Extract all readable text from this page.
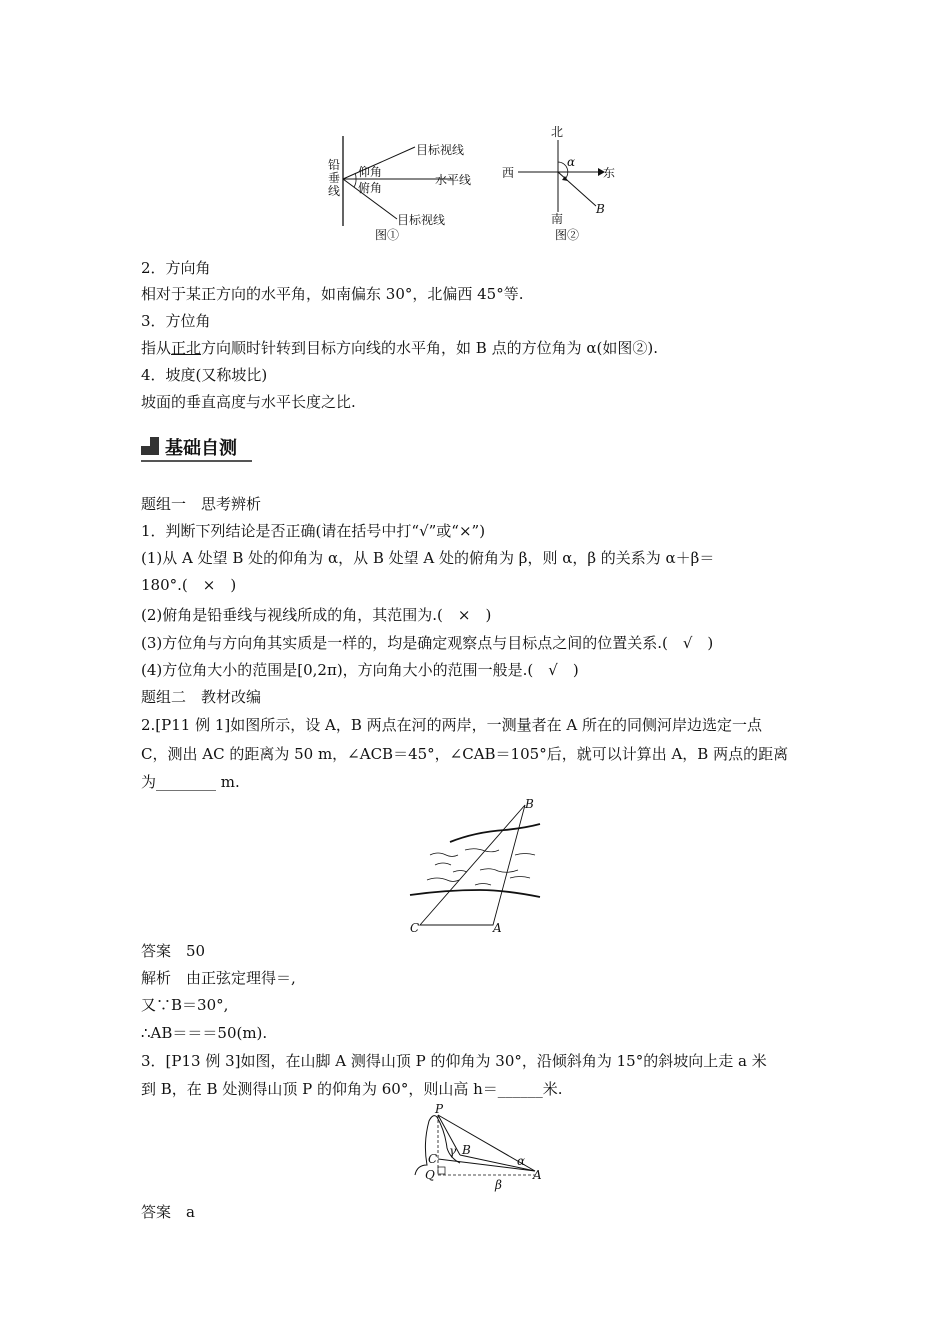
铅
垂
线
目标视线
仰角
水平线
俯角
目标视线
图①
北
西	东
南
α
B
图②
2．方向角
相对于某正方向的水平角，如南偏东 30°，北偏西 45°等.
3．方位角
指从正北方向顺时针转到目标方向线的水平角，如 B 点的方位角为 α(如图②).
4．坡度(又称坡比)
坡面的垂直高度与水平长度之比.
基础自测
题组一　思考辨析
1．判断下列结论是否正确(请在括号中打“√”或“×”)
(1)从 A 处望 B 处的仰角为 α，从 B 处望 A 处的俯角为 β，则 α，β 的关系为 α＋β＝
180°.(　×　)
(2)俯角是铅垂线与视线所成的角，其范围为.(　×　)
(3)方位角与方向角其实质是一样的，均是确定观察点与目标点之间的位置关系.(　√　)
(4)方位角大小的范围是[0,2π)，方向角大小的范围一般是.(　√　)
题组二　教材改编
2.[P11 例 1]如图所示，设 A，B 两点在河的两岸，一测量者在 A 所在的同侧河岸边选定一点
C，测出 AC 的距离为 50 m，∠ACB＝45°，∠CAB＝105°后，就可以计算出 A，B 两点的距离
为________ m.
B
C	A
答案　50
解析　由正弦定理得＝,
又∵B＝30°,
∴AB＝＝＝50(m).
3．[P13 例 3]如图，在山脚 A 测得山顶 P 的仰角为 30°，沿倾斜角为 15°的斜坡向上走 a 米
到 B，在 B 处测得山顶 P 的仰角为 60°，则山高 h＝______米.
P
C
Q
γ B
α
A
β
答案　a
